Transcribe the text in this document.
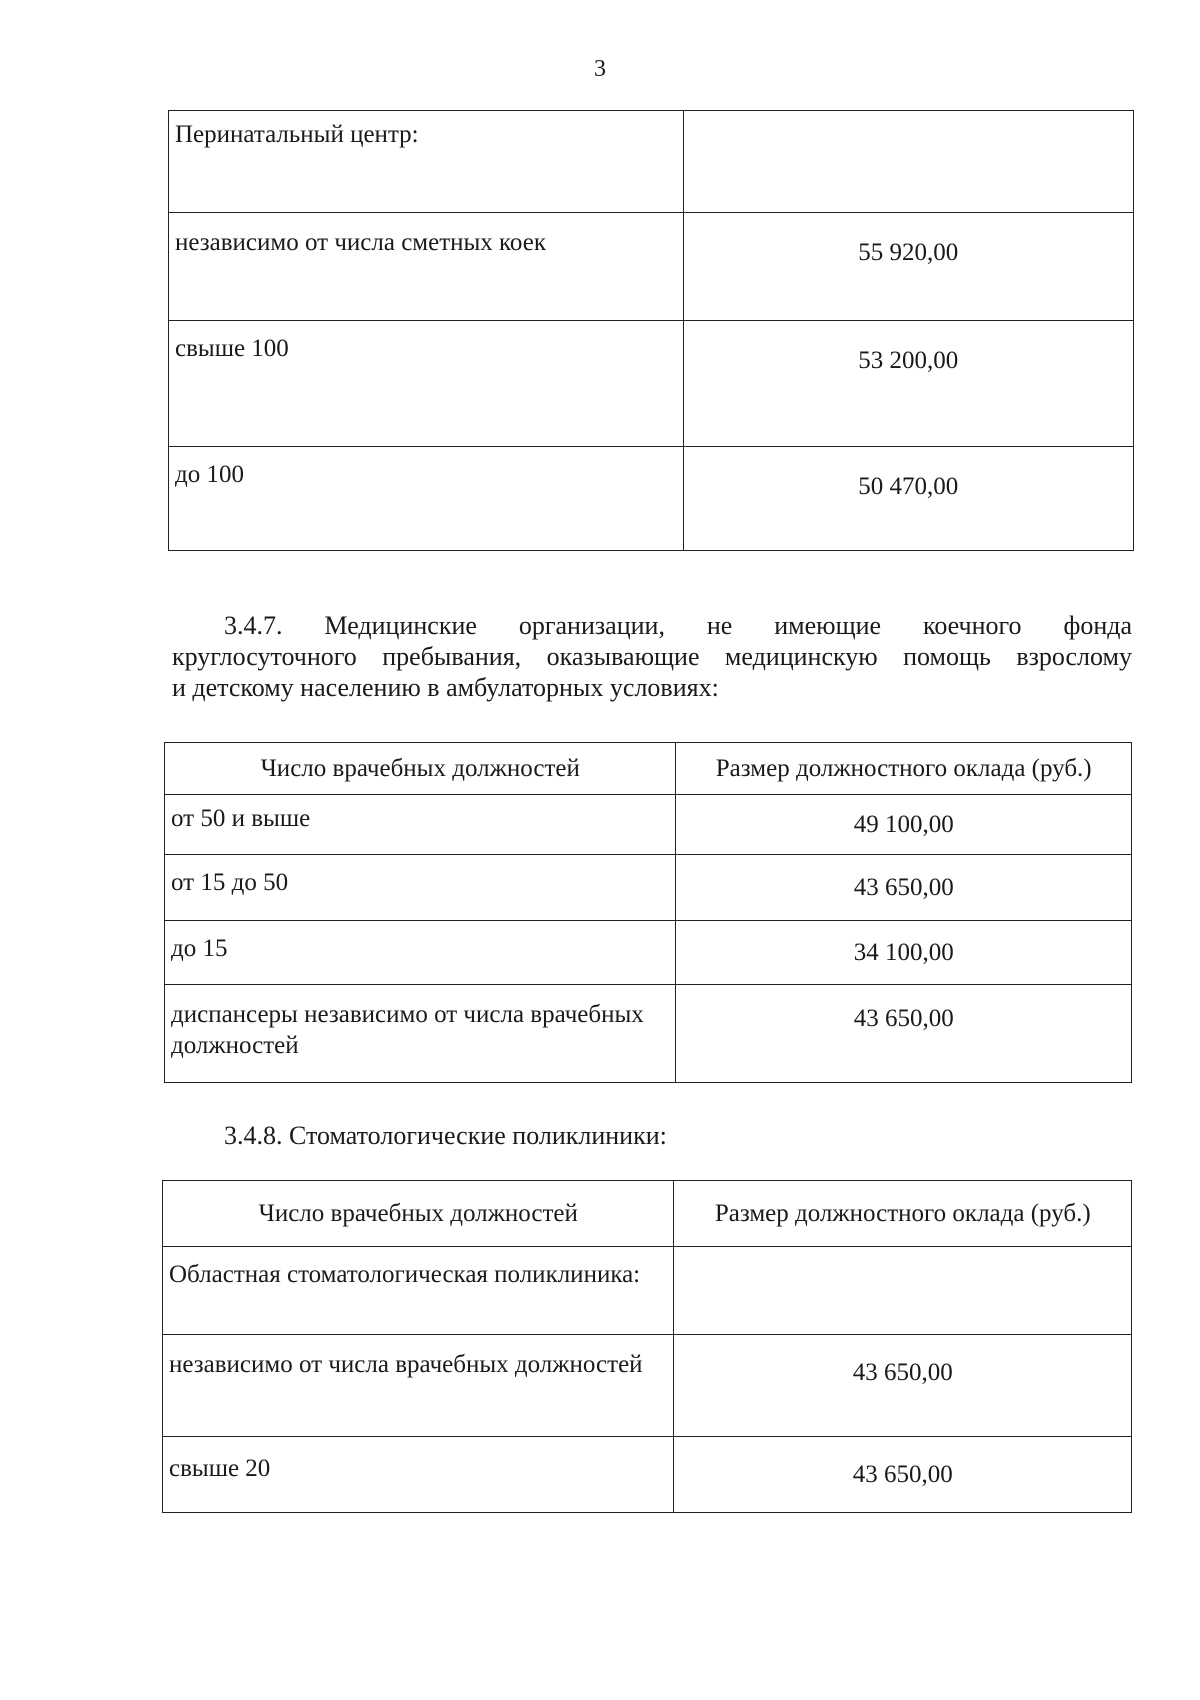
3
Перинатальный центр:	
независимо от числа сметных коек	55 920,00
свыше 100	53 200,00
до 100	50 470,00
3.4.7. Медицинские организации, не имеющие коечного фонда
круглосуточного пребывания, оказывающие медицинскую помощь взрослому
и детскому населению в амбулаторных условиях:
Число врачебных должностей	Размер должностного оклада (руб.)
от 50 и выше	49 100,00
от 15 до 50	43 650,00
до 15	34 100,00
диспансеры независимо от числа врачебных должностей	43 650,00
3.4.8. Стоматологические поликлиники:
Число врачебных должностей	Размер должностного оклада (руб.)
Областная стоматологическая поликлиника:	
независимо от числа врачебных должностей	43 650,00
свыше 20	43 650,00
